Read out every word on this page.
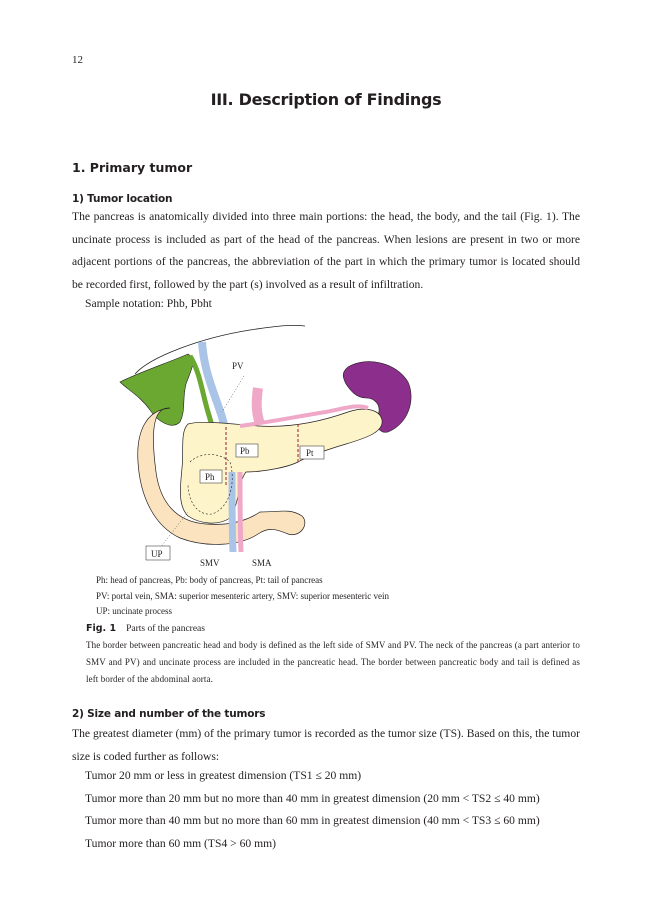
12
III. Description of Findings
1. Primary tumor
1) Tumor location

The pancreas is anatomically divided into three main portions: the head, the body, and the tail (Fig. 1). The uncinate process is included as part of the head of the pancreas. When lesions are present in two or more adjacent portions of the pancreas, the abbreviation of the part in which the primary tumor is located should be recorded first, followed by the part (s) involved as a result of infiltration.

Sample notation: Phb, Pbht
PV
Pb	Pt
Ph
UP
SMV	SMA
Ph: head of pancreas, Pb: body of pancreas, Pt: tail of pancreas
PV: portal vein, SMA: superior mesenteric artery, SMV: superior mesenteric vein
UP: uncinate process
Fig. 1 Parts of the pancreas

The border between pancreatic head and body is defined as the left side of SMV and PV. The neck of the pancreas (a part anterior to SMV and PV) and uncinate process are included in the pancreatic head. The border between pancreatic body and tail is defined as left border of the abdominal aorta.

2) Size and number of the tumors

The greatest diameter (mm) of the primary tumor is recorded as the tumor size (TS). Based on this, the tumor size is coded further as follows:

Tumor 20 mm or less in greatest dimension (TS1 ≤ 20 mm)
Tumor more than 20 mm but no more than 40 mm in greatest dimension (20 mm < TS2 ≤ 40 mm)
Tumor more than 40 mm but no more than 60 mm in greatest dimension (40 mm < TS3 ≤ 60 mm)
Tumor more than 60 mm (TS4 > 60 mm)
